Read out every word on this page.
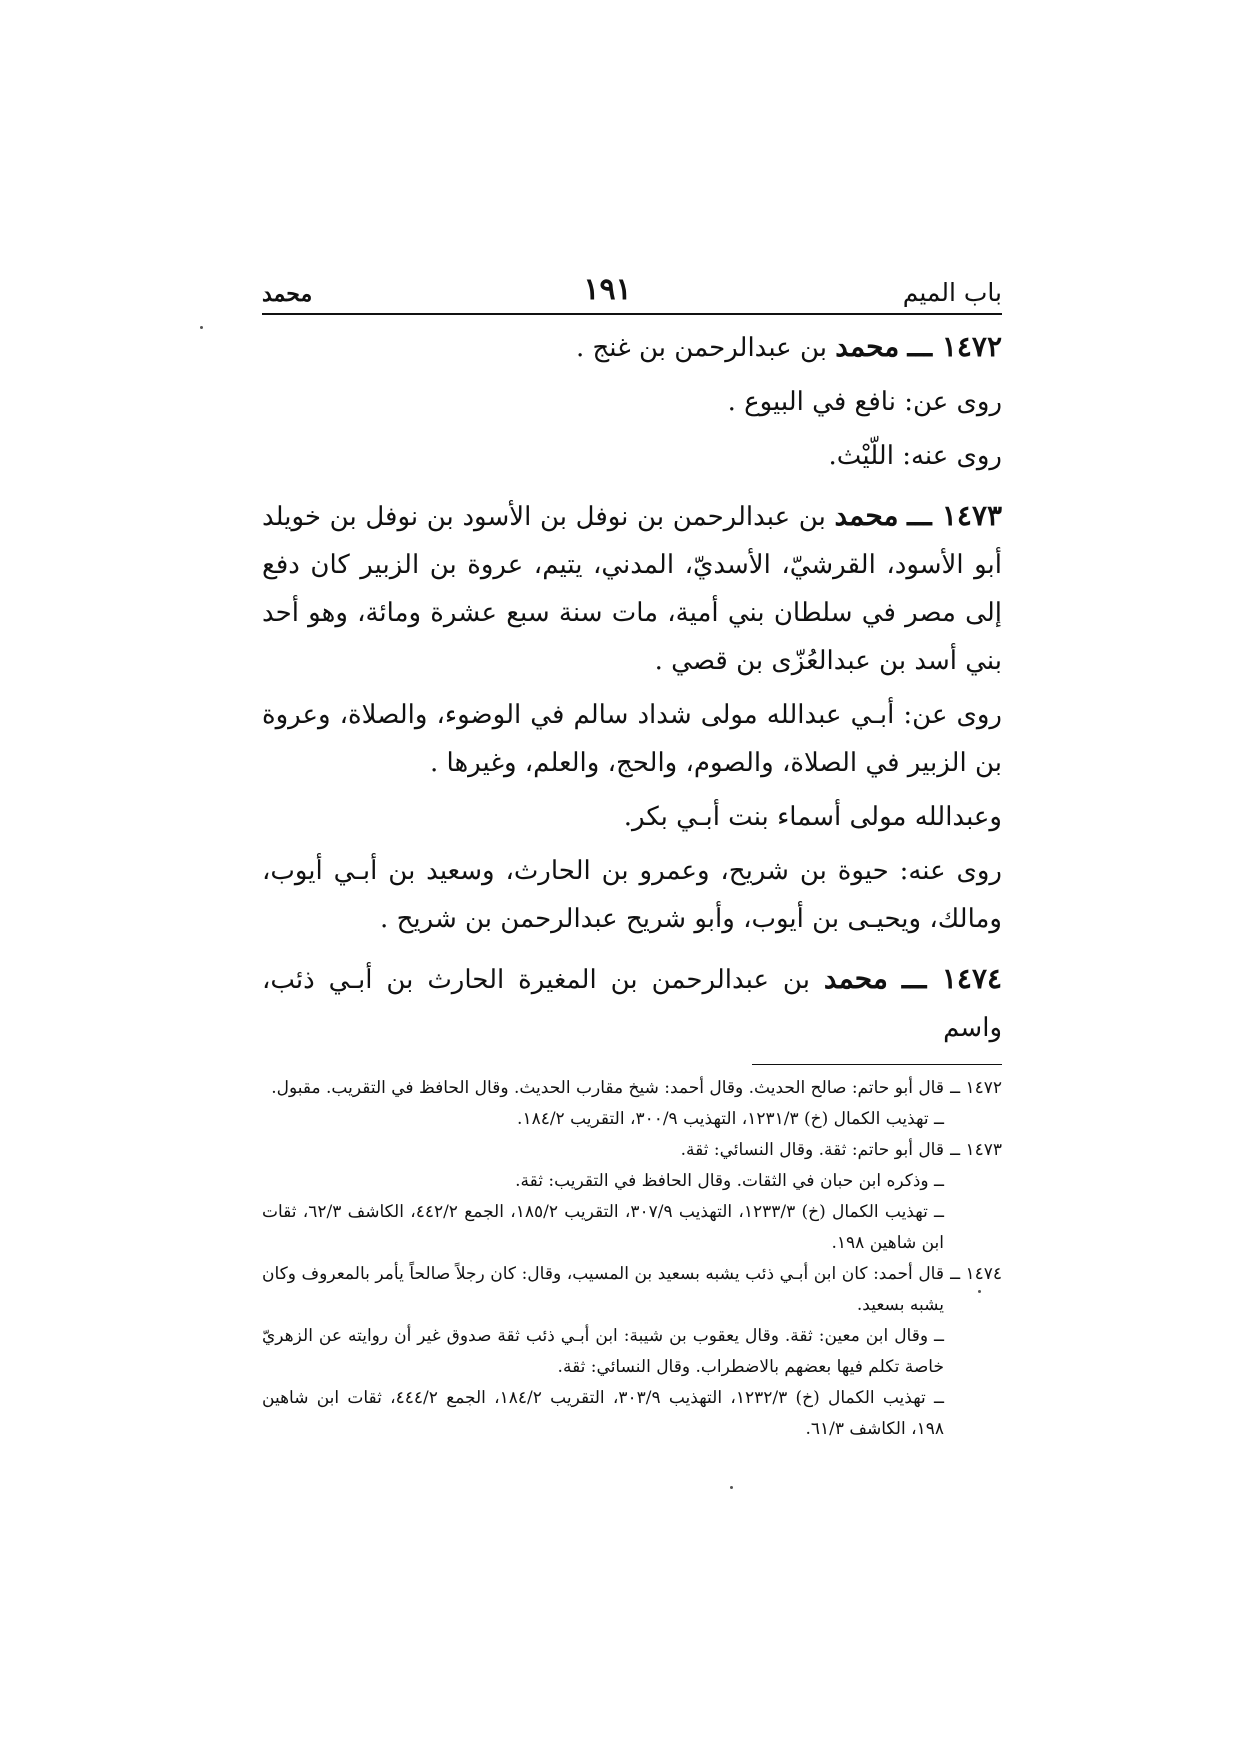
باب الميم
١٩١
محمد

١٤٧٢ ـــ محمد بن عبدالرحمن بن غنج .

روى عن: نافع في البيوع .

روى عنه: اللّيْث.

١٤٧٣ ـــ محمد بن عبدالرحمن بن نوفل بن الأسود بن نوفل بن خويلد أبو الأسود، القرشيّ، الأسديّ، المدني، يتيم، عروة بن الزبير كان دفع إلى مصر في سلطان بني أمية، مات سنة سبع عشرة ومائة، وهو أحد بني أسد بن عبدالعُزّى بن قصي .

روى عن: أبـي عبدالله مولى شداد سالم في الوضوء، والصلاة، وعروة بن الزبير في الصلاة، والصوم، والحج، والعلم، وغيرها .

وعبدالله مولى أسماء بنت أبـي بكر.

روى عنه: حيوة بن شريح، وعمرو بن الحارث، وسعيد بن أبـي أيوب، ومالك، ويحيـى بن أيوب، وأبو شريح عبدالرحمن بن شريح .

١٤٧٤ ـــ محمد بن عبدالرحمن بن المغيرة الحارث بن أبـي ذئب، واسم

١٤٧٢ ــ

قال أبو حاتم: صالح الحديث. وقال أحمد: شيخ مقارب الحديث. وقال الحافظ في التقريب. مقبول.

ــ تهذيب الكمال (خ) ١٢٣١/٣، التهذيب ٣٠٠/٩، التقريب ١٨٤/٢.

١٤٧٣ ــ

قال أبو حاتم: ثقة. وقال النسائي: ثقة.

ــ وذكره ابن حبان في الثقات. وقال الحافظ في التقريب: ثقة.

ــ تهذيب الكمال (خ) ١٢٣٣/٣، التهذيب ٣٠٧/٩، التقريب ١٨٥/٢، الجمع ٤٤٢/٢، الكاشف ٦٢/٣، ثقات ابن شاهين ١٩٨.

١٤٧٤ ــ

قال أحمد: كان ابن أبـي ذئب يشبه بسعيد بن المسيب، وقال: كان رجلاً صالحاً يأمر بالمعروف وكان يشبه بسعيد.

ــ وقال ابن معين: ثقة. وقال يعقوب بن شيبة: ابن أبـي ذئب ثقة صدوق غير أن روايته عن الزهريّ خاصة تكلم فيها بعضهم بالاضطراب. وقال النسائي: ثقة.

ــ تهذيب الكمال (خ) ١٢٣٢/٣، التهذيب ٣٠٣/٩، التقريب ١٨٤/٢، الجمع ٤٤٤/٢، ثقات ابن شاهين ١٩٨، الكاشف ٦١/٣.
